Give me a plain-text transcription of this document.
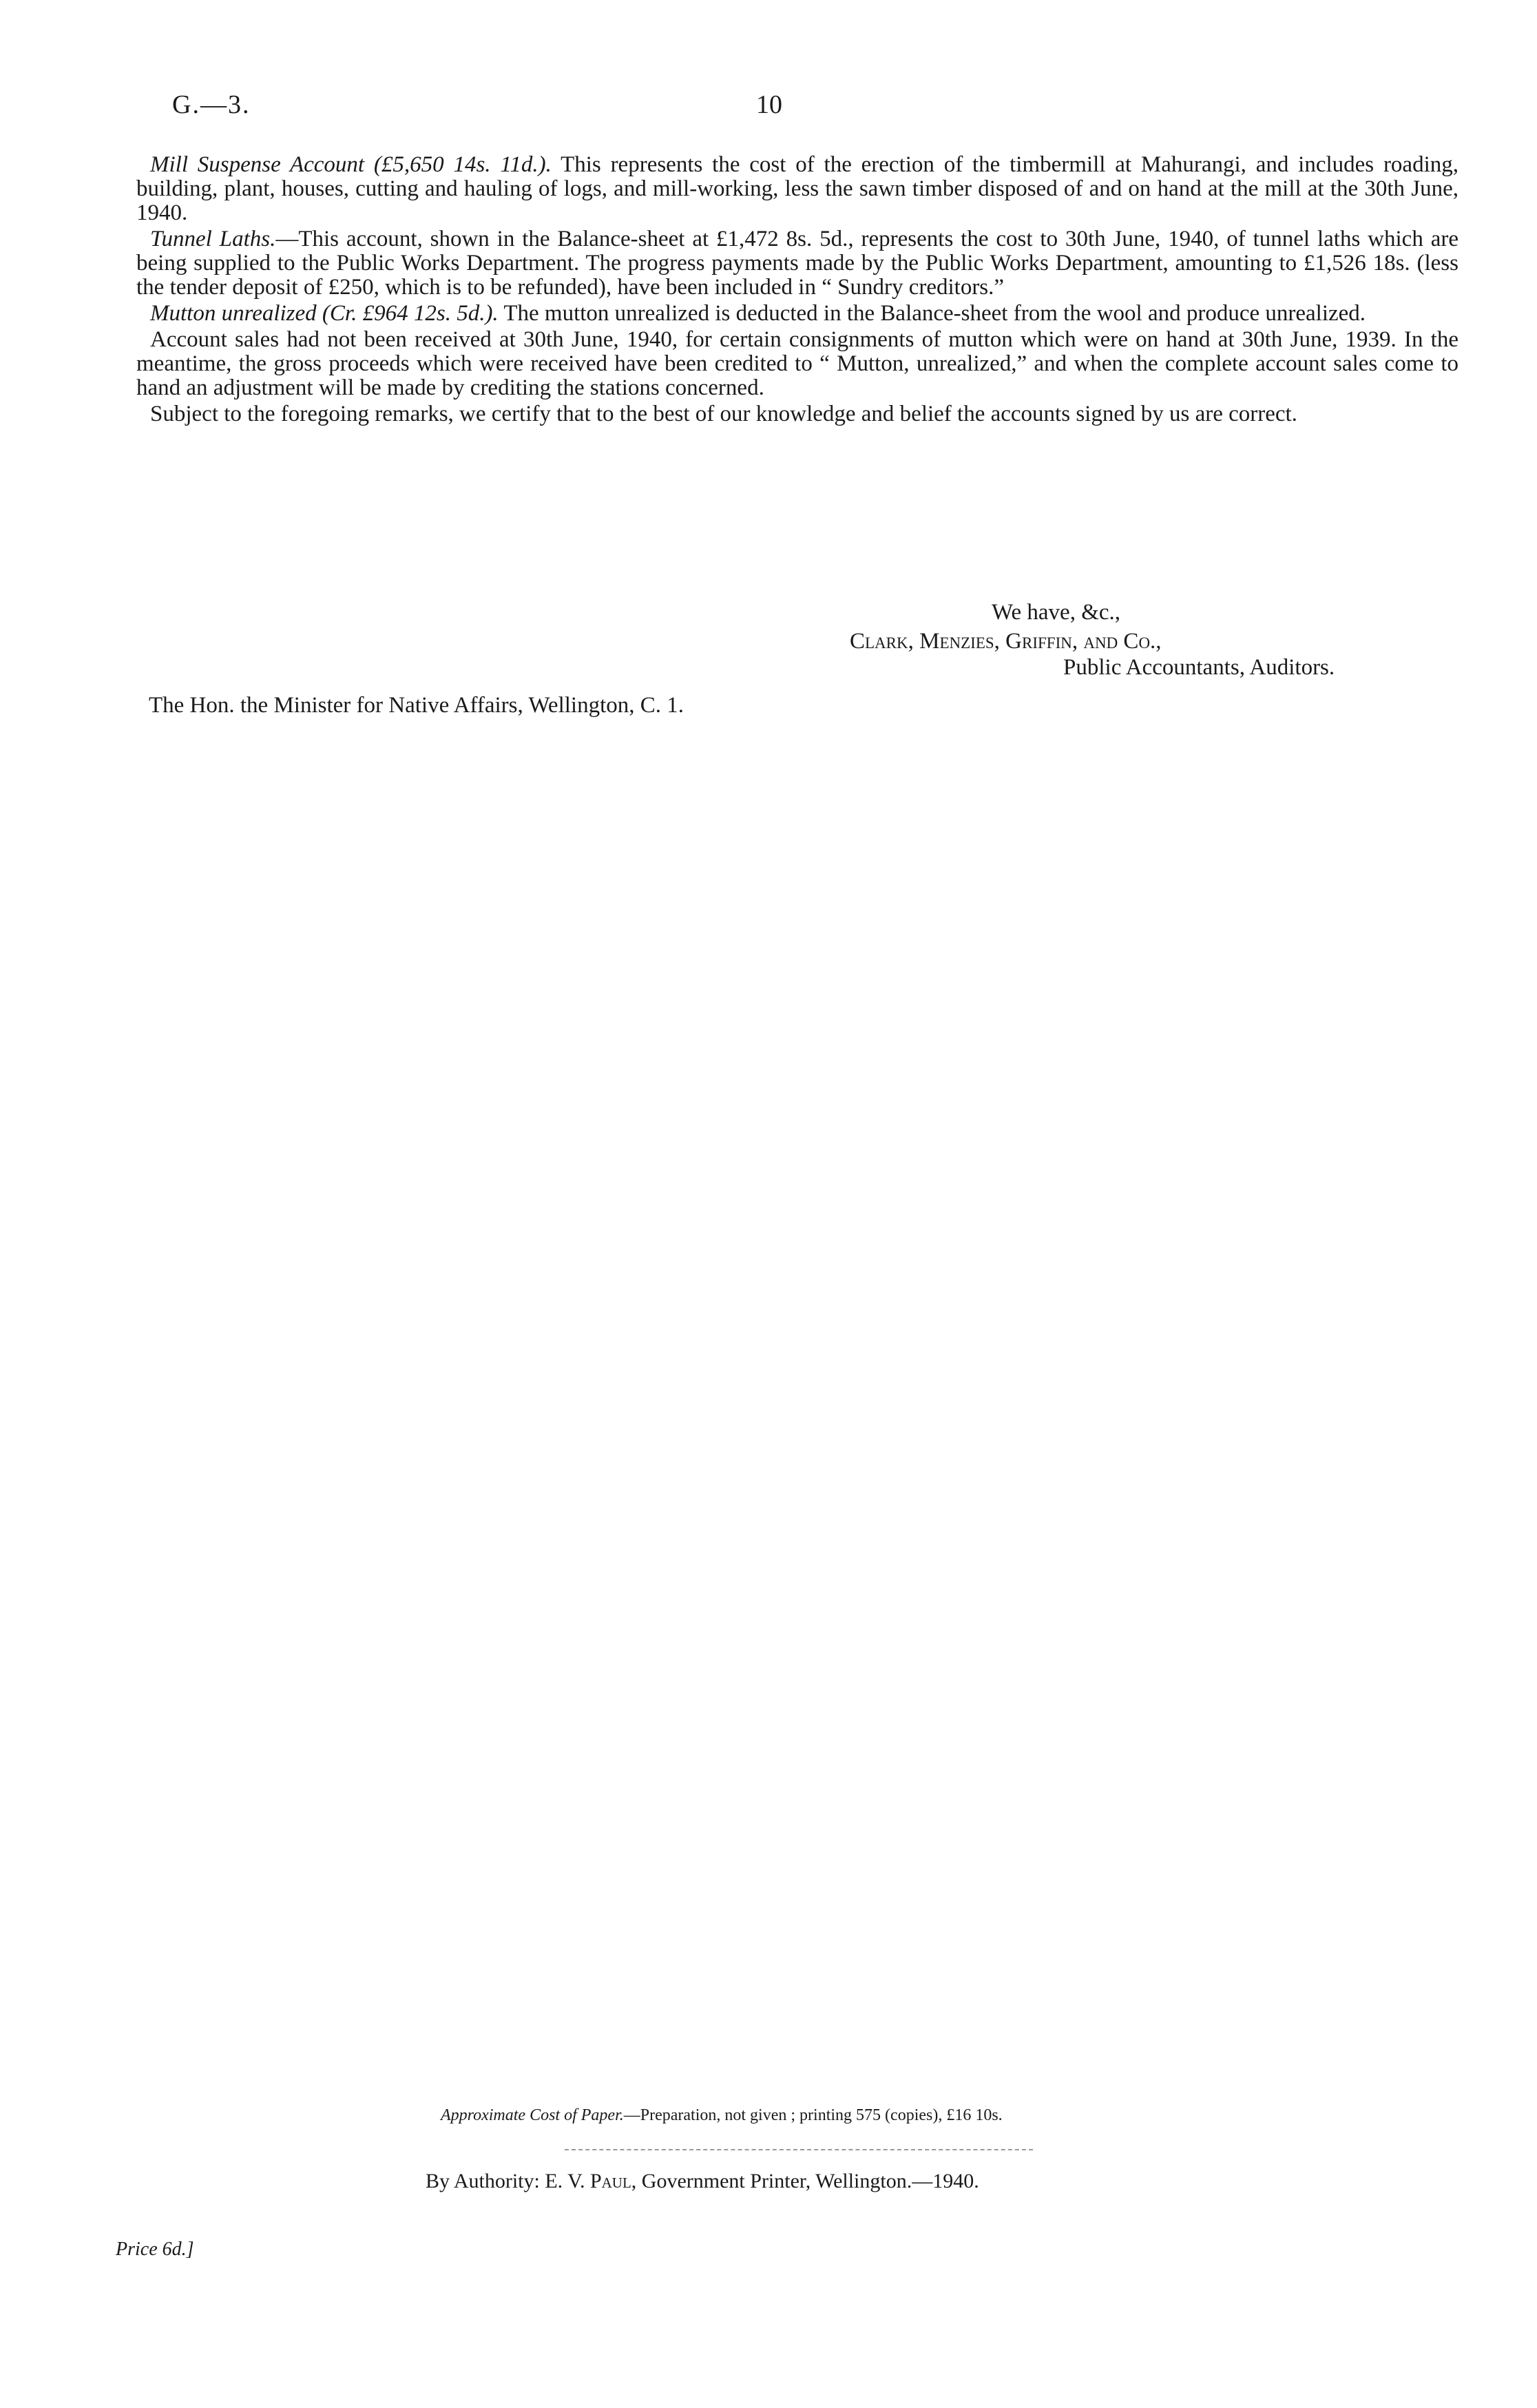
G.—3.	10

Mill Suspense Account (£5,650 14s. 11d.). This represents the cost of the erection of the timbermill at Mahurangi, and includes roading, building, plant, houses, cutting and hauling of logs, and mill-working, less the sawn timber disposed of and on hand at the mill at the 30th June, 1940.

Tunnel Laths.—This account, shown in the Balance-sheet at £1,472 8s. 5d., represents the cost to 30th June, 1940, of tunnel laths which are being supplied to the Public Works Department. The progress payments made by the Public Works Department, amounting to £1,526 18s. (less the tender deposit of £250, which is to be refunded), have been included in “ Sundry creditors.”

Mutton unrealized (Cr. £964 12s. 5d.). The mutton unrealized is deducted in the Balance-sheet from the wool and produce unrealized.

Account sales had not been received at 30th June, 1940, for certain consignments of mutton which were on hand at 30th June, 1939. In the meantime, the gross proceeds which were received have been credited to “ Mutton, unrealized,” and when the complete account sales come to hand an adjustment will be made by crediting the stations concerned.

Subject to the foregoing remarks, we certify that to the best of our knowledge and belief the accounts signed by us are correct.

We have, &c.,
Clark, Menzies, Griffin, and Co.,
Public Accountants, Auditors.
The Hon. the Minister for Native Affairs, Wellington, C. 1.
Approximate Cost of Paper.—Preparation, not given ; printing 575 (copies), £16 10s.
By Authority: E. V. Paul, Government Printer, Wellington.—1940.
Price 6d.]
